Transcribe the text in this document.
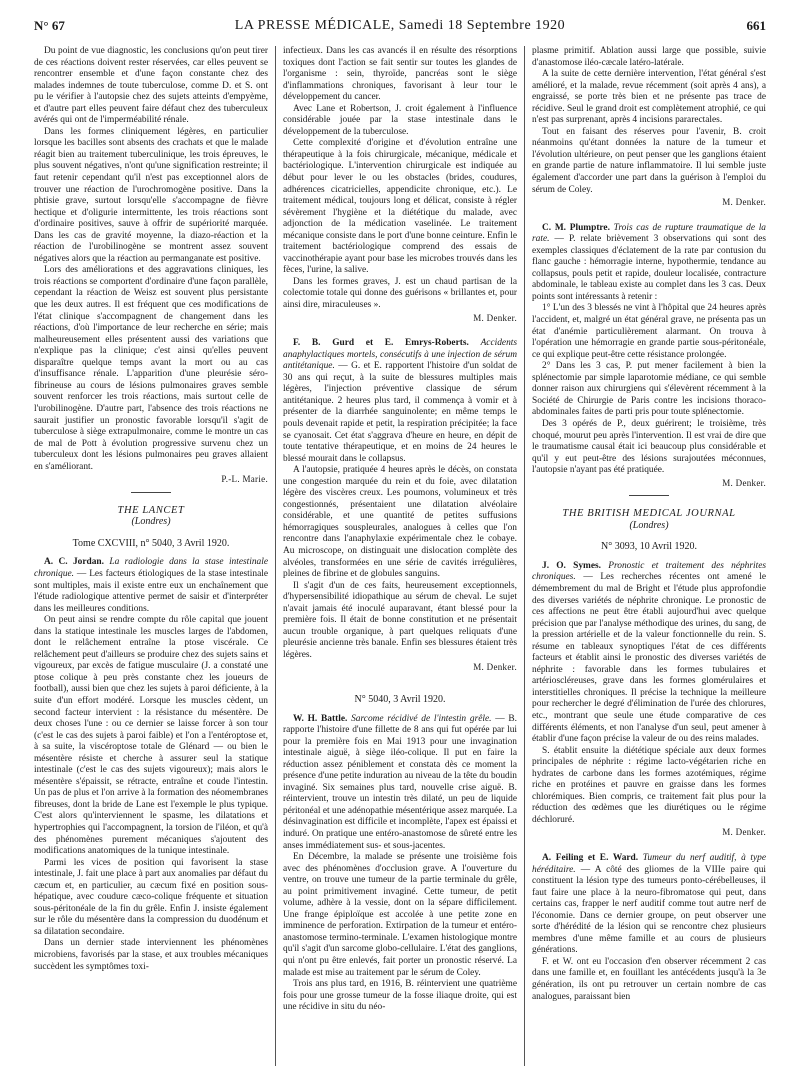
N° 67	LA PRESSE MÉDICALE, Samedi 18 Septembre 1920	661

Du point de vue diagnostic, les conclusions qu'on peut tirer de ces réactions doivent rester réservées, car elles peuvent se rencontrer ensemble et d'une façon constante chez des malades indemnes de toute tuberculose, comme D. et S. ont pu le vérifier à l'autopsie chez des sujets atteints d'empyème, et d'autre part elles peuvent faire défaut chez des tuberculeux avérés qui ont de l'imperméabilité rénale.

Dans les formes cliniquement légères, en particulier lorsque les bacilles sont absents des crachats et que le malade réagit bien au traitement tuberculinique, les trois épreuves, le plus souvent négatives, n'ont qu'une signification restreinte; il faut retenir cependant qu'il n'est pas exceptionnel alors de trouver une réaction de l'urochromogène positive. Dans la phtisie grave, surtout lorsqu'elle s'accompagne de fièvre hectique et d'oligurie intermittente, les trois réactions sont d'ordinaire positives, sauve à offrir de supériorité marquée. Dans les cas de gravité moyenne, la diazo-réaction et la réaction de l'urobilinogène se montrent assez souvent négatives alors que la réaction au permanganate est positive.

Lors des améliorations et des aggravations cliniques, les trois réactions se comportent d'ordinaire d'une façon parallèle, cependant la réaction de Weisz est souvent plus persistante que les deux autres. Il est fréquent que ces modifications de l'état clinique s'accompagnent de changement dans les réactions, d'où l'importance de leur recherche en série; mais malheureusement elles présentent aussi des variations que n'explique pas la clinique; c'est ainsi qu'elles peuvent disparaître quelque temps avant la mort ou au cas d'insuffisance rénale. L'apparition d'une pleurésie séro-fibrineuse au cours de lésions pulmonaires graves semble souvent renforcer les trois réactions, mais surtout celle de l'urobilinogène. D'autre part, l'absence des trois réactions ne saurait justifier un pronostic favorable lorsqu'il s'agit de tuberculose à siège extrapulmonaire, comme le montre un cas de mal de Pott à évolution progressive survenu chez un tuberculeux dont les lésions pulmonaires peu graves allaient en s'améliorant.

P.-L. Marie.
THE LANCET
(Londres)
Tome CXCVIII, n° 5040, 3 Avril 1920.

A. C. Jordan. La radiologie dans la stase intestinale chronique. — Les facteurs étiologiques de la stase intestinale sont multiples, mais il existe entre eux un enchaînement que l'étude radiologique attentive permet de saisir et d'interpréter dans les meilleures conditions.

On peut ainsi se rendre compte du rôle capital que jouent dans la statique intestinale les muscles larges de l'abdomen, dont le relâchement entraîne la ptose viscérale. Ce relâchement peut d'ailleurs se produire chez des sujets sains et vigoureux, par excès de fatigue musculaire (J. a constaté une ptose colique à peu près constante chez les joueurs de football), aussi bien que chez les sujets à paroi déficiente, à la suite d'un effort modéré. Lorsque les muscles cèdent, un second facteur intervient : la résistance du mésentère. De deux choses l'une : ou ce dernier se laisse forcer à son tour (c'est le cas des sujets à paroi faible) et l'on a l'entéroptose et, à sa suite, la viscéroptose totale de Glénard — ou bien le mésentère résiste et cherche à assurer seul la statique intestinale (c'est le cas des sujets vigoureux); mais alors le mésentère s'épaissit, se rétracte, entraîne et coude l'intestin. Un pas de plus et l'on arrive à la formation des néomembranes fibreuses, dont la bride de Lane est l'exemple le plus typique. C'est alors qu'interviennent le spasme, les dilatations et hypertrophies qui l'accompagnent, la torsion de l'iléon, et qu'à des phénomènes purement mécaniques s'ajoutent des modifications anatomiques de la tunique intestinale.

Parmi les vices de position qui favorisent la stase intestinale, J. fait une place à part aux anomalies par défaut du cæcum et, en particulier, au cæcum fixé en position sous-hépatique, avec coudure cæco-colique fréquente et situation sous-péritonéale de la fin du grêle. Enfin J. insiste également sur le rôle du mésentère dans la compression du duodénum et sa dilatation secondaire.

Dans un dernier stade interviennent les phénomènes microbiens, favorisés par la stase, et aux troubles mécaniques succèdent les symptômes toxi-

infectieux. Dans les cas avancés il en résulte des résorptions toxiques dont l'action se fait sentir sur toutes les glandes de l'organisme : sein, thyroïde, pancréas sont le siège d'inflammations chroniques, favorisant à leur tour le développement du cancer.

Avec Lane et Robertson, J. croit également à l'influence considérable jouée par la stase intestinale dans le développement de la tuberculose.

Cette complexité d'origine et d'évolution entraîne une thérapeutique à la fois chirurgicale, mécanique, médicale et bactériologique. L'intervention chirurgicale est indiquée au début pour lever le ou les obstacles (brides, coudures, adhérences cicatricielles, appendicite chronique, etc.). Le traitement médical, toujours long et délicat, consiste à régler sévèrement l'hygiène et la diététique du malade, avec adjonction de la médication vaselinée. Le traitement mécanique consiste dans le port d'une bonne ceinture. Enfin le traitement bactériologique comprend des essais de vaccinothérapie ayant pour base les microbes trouvés dans les fèces, l'urine, la salive.

Dans les formes graves, J. est un chaud partisan de la colectomie totale qui donne des guérisons « brillantes et, pour ainsi dire, miraculeuses ».

M. Denker.

F. B. Gurd et E. Emrys-Roberts. Accidents anaphylactiques mortels, consécutifs à une injection de sérum antitétanique. — G. et E. rapportent l'histoire d'un soldat de 30 ans qui reçut, à la suite de blessures multiples mais légères, l'injection préventive classique de sérum antitétanique. 2 heures plus tard, il commença à vomir et à présenter de la diarrhée sanguinolente; en même temps le pouls devenait rapide et petit, la respiration précipitée; la face se cyanosait. Cet état s'aggrava d'heure en heure, en dépit de toute tentative thérapeutique, et en moins de 24 heures le blessé mourait dans le collapsus.

A l'autopsie, pratiquée 4 heures après le décès, on constata une congestion marquée du rein et du foie, avec dilatation légère des viscères creux. Les poumons, volumineux et très congestionnés, présentaient une dilatation alvéolaire considérable, et une quantité de petites suffusions hémorragiques souspleurales, analogues à celles que l'on rencontre dans l'anaphylaxie expérimentale chez le cobaye. Au microscope, on distinguait une dislocation complète des alvéoles, transformées en une série de cavités irrégulières, pleines de fibrine et de globules sanguins.

Il s'agit d'un de ces faits, heureusement exceptionnels, d'hypersensibilité idiopathique au sérum de cheval. Le sujet n'avait jamais été inoculé auparavant, étant blessé pour la première fois. Il était de bonne constitution et ne présentait aucun trouble organique, à part quelques reliquats d'une pleurésie ancienne très banale. Enfin ses blessures étaient très légères.

M. Denker.
N° 5040, 3 Avril 1920.

W. H. Battle. Sarcome récidivé de l'intestin grêle. — B. rapporte l'histoire d'une fillette de 8 ans qui fut opérée par lui pour la première fois en Mai 1913 pour une invagination intestinale aiguë, à siège iléo-colique. Il put en faire la réduction assez péniblement et constata dès ce moment la présence d'une petite induration au niveau de la tête du boudin invaginé. Six semaines plus tard, nouvelle crise aiguë. B. réintervient, trouve un intestin très dilaté, un peu de liquide péritonéal et une adénopathie mésentérique assez marquée. La désinvagination est difficile et incomplète, l'apex est épaissi et induré. On pratique une entéro-anastomose de sûreté entre les anses immédiatement sus- et sous-jacentes.

En Décembre, la malade se présente une troisième fois avec des phénomènes d'occlusion grave. A l'ouverture du ventre, on trouve une tumeur de la partie terminale du grêle, au point primitivement invaginé. Cette tumeur, de petit volume, adhère à la vessie, dont on la sépare difficilement. Une frange épiploïque est accolée à une petite zone en imminence de perforation. Extirpation de la tumeur et entéro-anastomose termino-terminale. L'examen histologique montre qu'il s'agit d'un sarcome globo-cellulaire. L'état des ganglions, qui n'ont pu être enlevés, fait porter un pronostic réservé. La malade est mise au traitement par le sérum de Coley.

Trois ans plus tard, en 1916, B. réintervient une quatrième fois pour une grosse tumeur de la fosse iliaque droite, qui est une récidive in situ du néo-

plasme primitif. Ablation aussi large que possible, suivie d'anastomose iléo-cæcale latéro-latérale.

A la suite de cette dernière intervention, l'état général s'est amélioré, et la malade, revue récemment (soit après 4 ans), a engraissé, se porte très bien et ne présente pas trace de récidive. Seul le grand droit est complètement atrophié, ce qui n'est pas surprenant, après 4 incisions pararectales.

Tout en faisant des réserves pour l'avenir, B. croit néanmoins qu'étant données la nature de la tumeur et l'évolution ultérieure, on peut penser que les ganglions étaient en grande partie de nature inflammatoire. Il lui semble juste également d'accorder une part dans la guérison à l'emploi du sérum de Coley.

M. Denker.

C. M. Plumptre. Trois cas de rupture traumatique de la rate. — P. relate brièvement 3 observations qui sont des exemples classiques d'éclatement de la rate par contusion du flanc gauche : hémorragie interne, hypothermie, tendance au collapsus, pouls petit et rapide, douleur localisée, contracture abdominale, le tableau existe au complet dans les 3 cas. Deux points sont intéressants à retenir :

1° L'un des 3 blessés ne vint à l'hôpital que 24 heures après l'accident, et, malgré un état général grave, ne présenta pas un état d'anémie particulièrement alarmant. On trouva à l'opération une hémorragie en grande partie sous-péritonéale, ce qui explique peut-être cette résistance prolongée.

2° Dans les 3 cas, P. put mener facilement à bien la splénectomie par simple laparotomie médiane, ce qui semble donner raison aux chirurgiens qui s'élevèrent récemment à la Société de Chirurgie de Paris contre les incisions thoraco-abdominales faites de parti pris pour toute splénectomie.

Des 3 opérés de P., deux guérirent; le troisième, très choqué, mourut peu après l'intervention. Il est vrai de dire que le traumatisme causal était ici beaucoup plus considérable et qu'il y eut peut-être des lésions surajoutées méconnues, l'autopsie n'ayant pas été pratiquée.

M. Denker.
THE BRITISH MEDICAL JOURNAL
(Londres)
N° 3093, 10 Avril 1920.

J. O. Symes. Pronostic et traitement des néphrites chroniques. — Les recherches récentes ont amené le démembrement du mal de Bright et l'étude plus approfondie des diverses variétés de néphrite chronique. Le pronostic de ces affections ne peut être établi aujourd'hui avec quelque précision que par l'analyse méthodique des urines, du sang, de la pression artérielle et de la valeur fonctionnelle du rein. S. résume en tableaux synoptiques l'état de ces différents facteurs et établit ainsi le pronostic des diverses variétés de néphrite : favorable dans les formes tubulaires et artérioscléreuses, grave dans les formes glomérulaires et interstitielles chroniques. Il précise la technique la meilleure pour rechercher le degré d'élimination de l'urée des chlorures, etc., montrant que seule une étude comparative de ces différents éléments, et non l'analyse d'un seul, peut amener à établir d'une façon précise la valeur de ou des reins malades.

S. établit ensuite la diététique spéciale aux deux formes principales de néphrite : régime lacto-végétarien riche en hydrates de carbone dans les formes azotémiques, régime riche en protéines et pauvre en graisse dans les formes chlorémiques. Bien compris, ce traitement fait plus pour la réduction des œdèmes que les diurétiques ou le régime déchloruré.

M. Denker.

A. Feiling et E. Ward. Tumeur du nerf auditif, à type héréditaire. — A côté des gliomes de la VIIIe paire qui constituent la lésion type des tumeurs ponto-cérébelleuses, il faut faire une place à la neuro-fibromatose qui peut, dans certains cas, frapper le nerf auditif comme tout autre nerf de l'économie. Dans ce dernier groupe, on peut observer une sorte d'hérédité de la lésion qui se rencontre chez plusieurs membres d'une même famille et au cours de plusieurs générations.

F. et W. ont eu l'occasion d'en observer récemment 2 cas dans une famille et, en fouillant les antécédents jusqu'à la 3e génération, ils ont pu retrouver un certain nombre de cas analogues, paraissant bien
